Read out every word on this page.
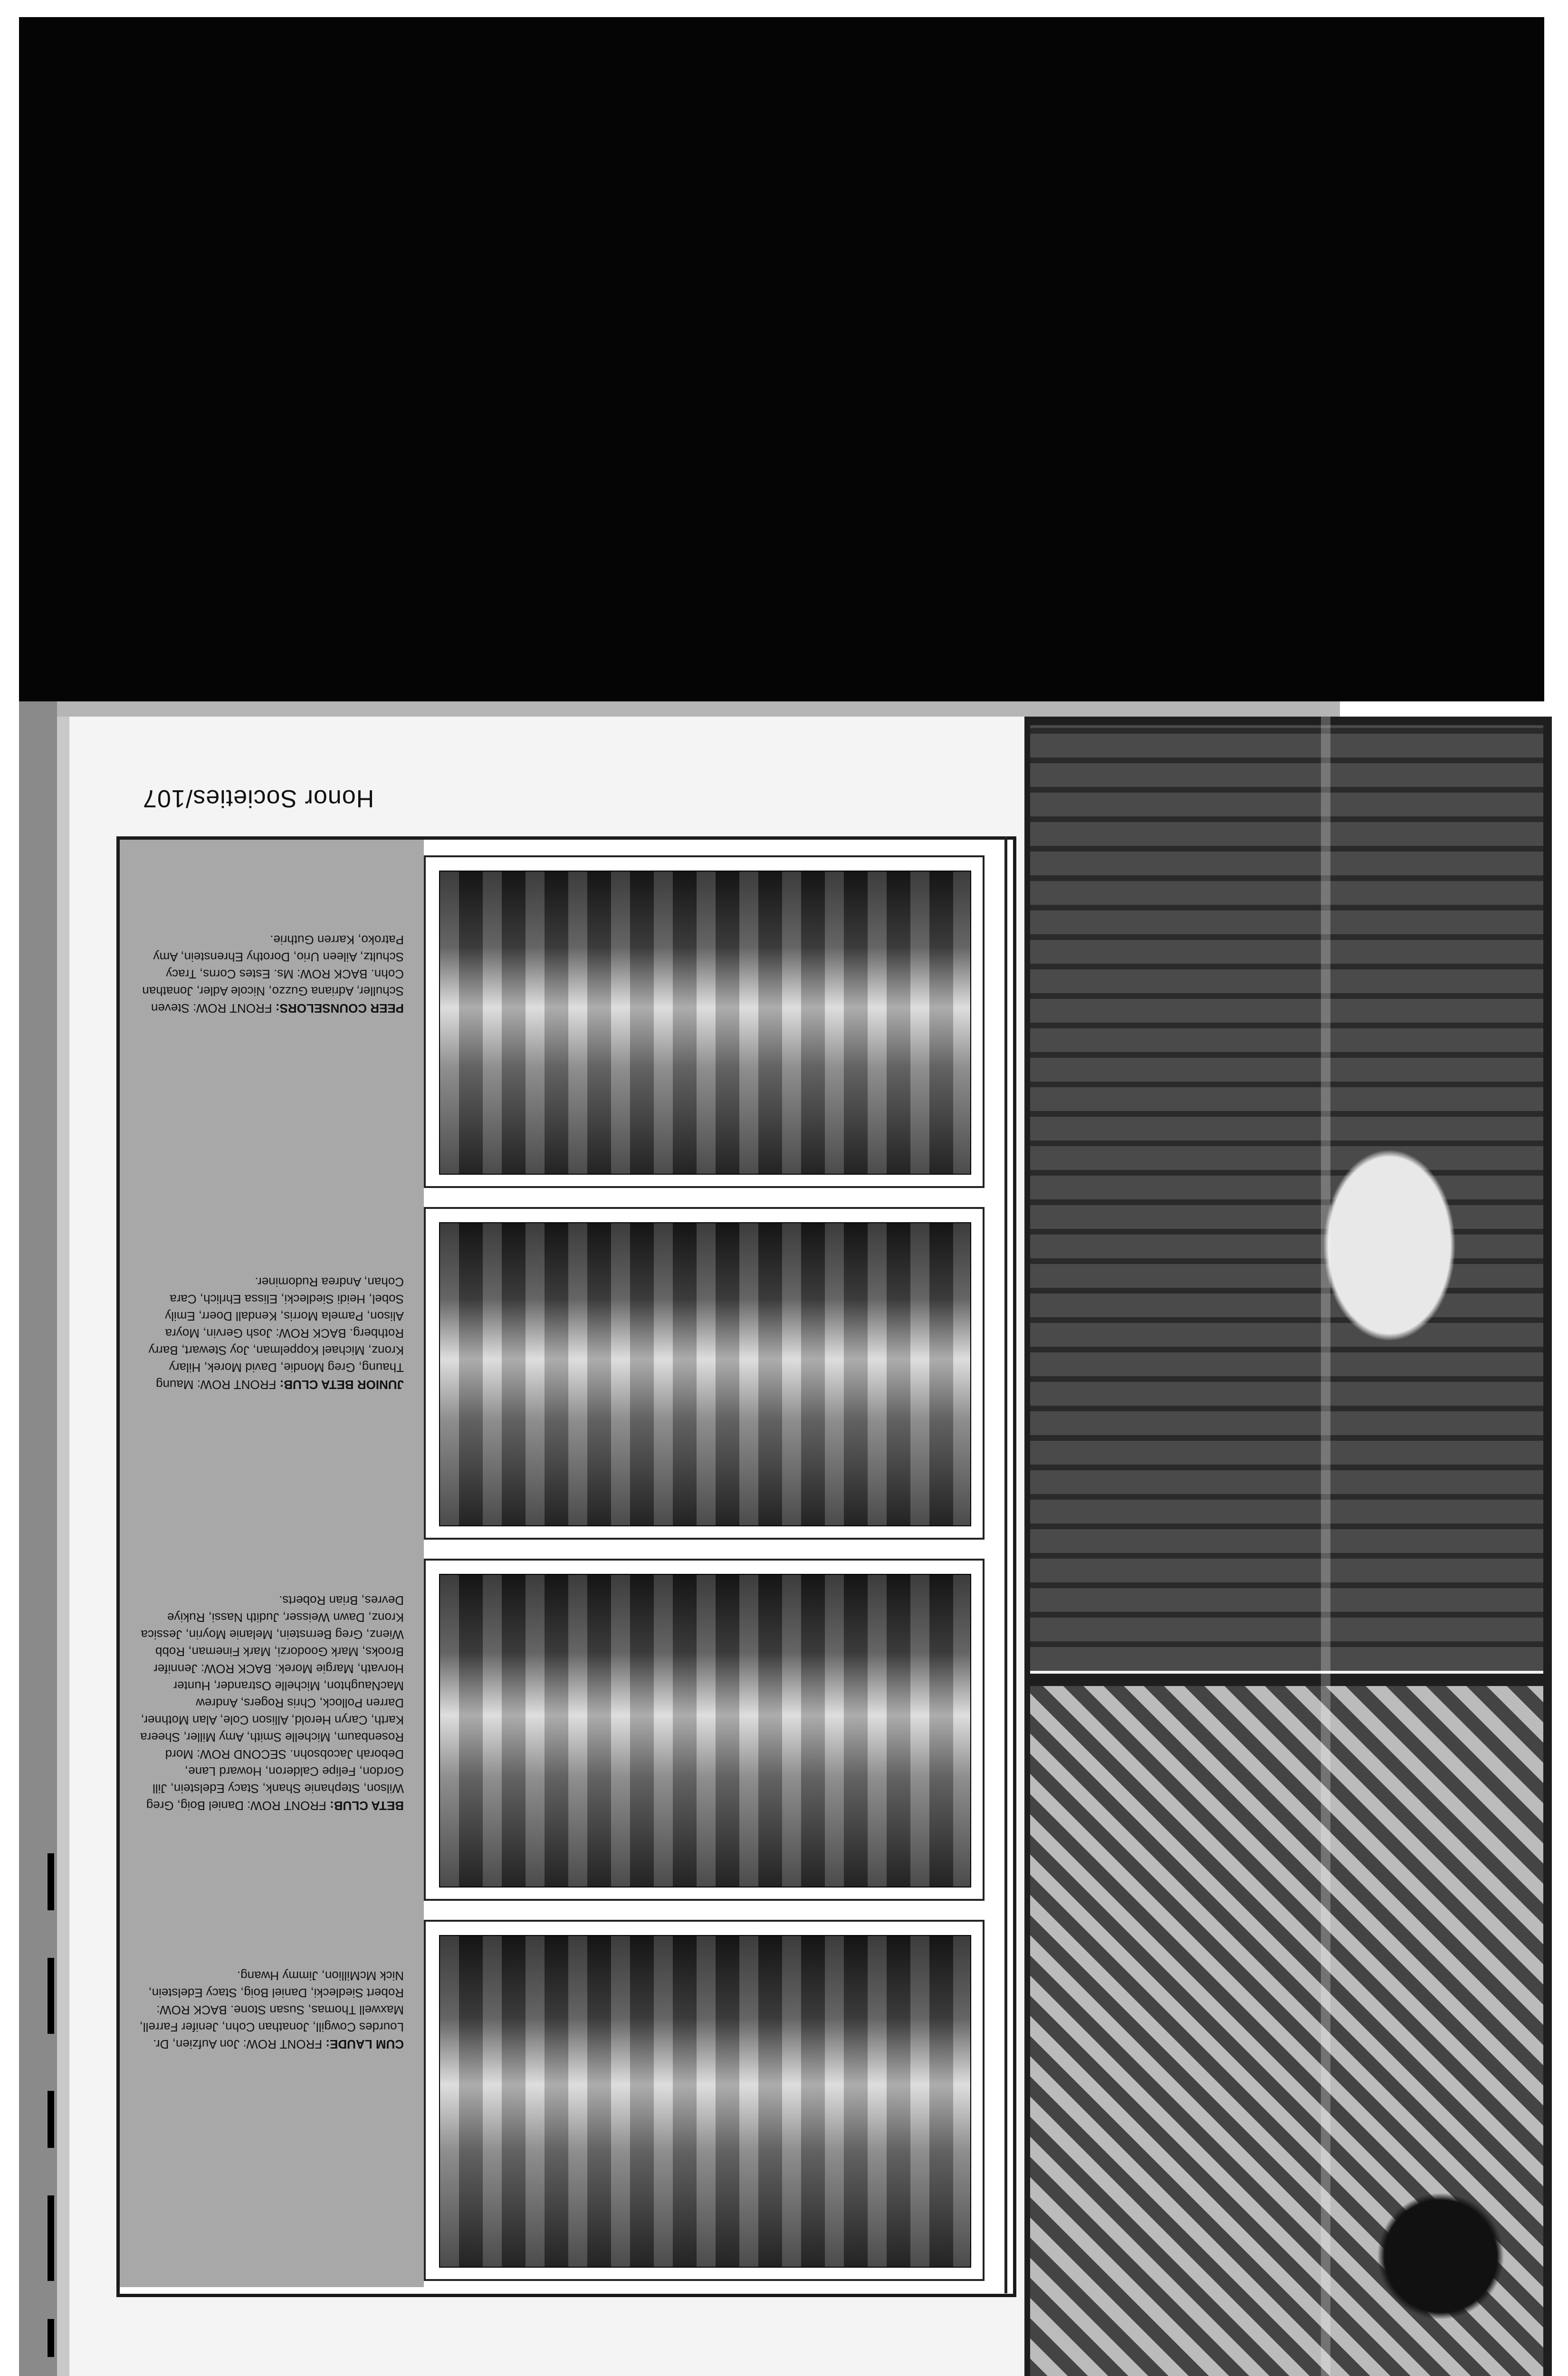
Honor Societies/107
PEER COUNSELORS: FRONT ROW: Steven Schuller, Adriana Guzzo, Nicole Adler, Jonathan Cohn. BACK ROW: Ms. Estes Corns, Tracy Schultz, Aileen Urio, Dorothy Ehrenstein, Amy Patroko, Karren Guthrie.
JUNIOR BETA CLUB: FRONT ROW: Maung Thaung, Greg Mondie, David Morek, Hilary Kronz, Michael Koppelman, Joy Stewart, Barry Rothberg. BACK ROW: Josh Gervin, Moyra Alison, Pamela Morris, Kendall Doerr, Emily Sobel, Heidi Siedlecki, Elissa Ehrlich, Cara Cohan, Andrea Rudominer.
BETA CLUB: FRONT ROW: Daniel Boig, Greg Wilson, Stephanie Shank, Stacy Edelstein, Jill Gordon, Felipe Calderon, Howard Lane, Deborah Jacobsohn. SECOND ROW: Mord Rosenbaum, Michelle Smith, Amy Miller, Sheera Karth, Caryn Herold, Allison Cole, Alan Mothner, Darren Pollock, Chris Rogers, Andrew MacNaughton, Michelle Ostrander, Hunter Horvath, Margie Morek. BACK ROW: Jennifer Brooks, Mark Goodorzi, Mark Fineman, Robb Wienz, Greg Bernstein, Melanie Moyrin, Jessica Kronz, Dawn Weisser, Judith Nassi, Rukiye Devres, Brian Roberts.
CUM LAUDE: FRONT ROW: Jon Aufzien, Dr. Lourdes Cowgill, Jonathan Cohn, Jenifer Farrell, Maxwell Thomas, Susan Stone. BACK ROW: Robert Siedlecki, Daniel Boig, Stacy Edelstein, Nick McMillion, Jimmy Hwang.
